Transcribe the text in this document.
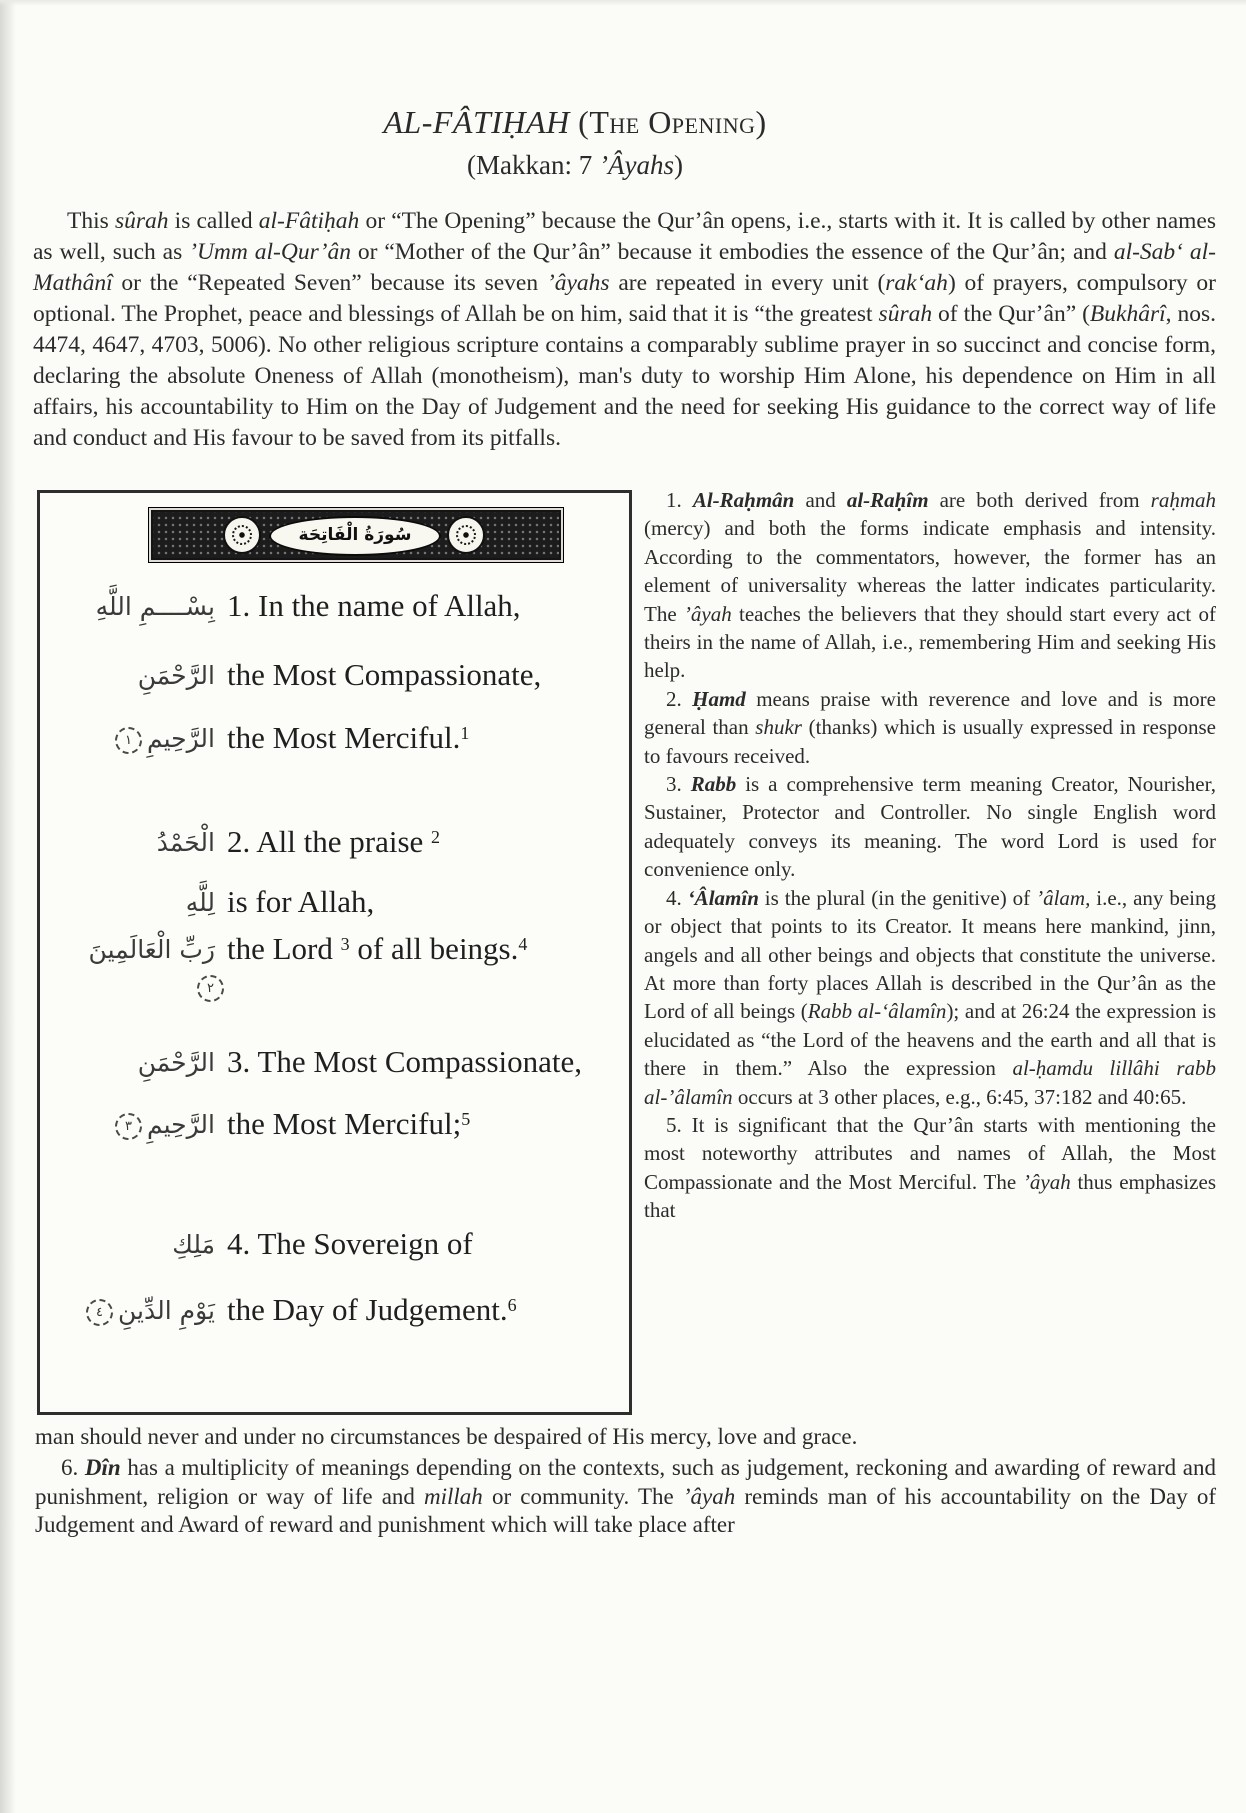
AL-FÂTIḤAH (The Opening)
(Makkan: 7 ’Âyahs)
This sûrah is called al-Fâtiḥah or “The Opening” because the Qur’ân opens, i.e., starts with it. It is called by other names as well, such as ’Umm al-Qur’ân or “Mother of the Qur’ân” because it embodies the essence of the Qur’ân; and al-Sab‘ al-Mathânî or the “Repeated Seven” because its seven ’âyahs are repeated in every unit (rak‘ah) of prayers, compulsory or optional. The Prophet, peace and blessings of Allah be on him, said that it is “the greatest sûrah of the Qur’ân” (Bukhârî, nos. 4474, 4647, 4703, 5006). No other religious scripture contains a comparably sublime prayer in so succinct and concise form, declaring the absolute Oneness of Allah (monotheism), man's duty to worship Him Alone, his dependence on Him in all affairs, his accountability to Him on the Day of Judgement and the need for seeking His guidance to the correct way of life and conduct and His favour to be saved from its pitfalls.
سُورَةُ الْفَاتِحَة
بِسْــــمِ اللَّهِ 1. In the name of Allah,
الرَّحْمَنِ the Most Compassionate,
الرَّحِيمِ١	the Most Merciful.$^1$
الْحَمْدُ 2. All the praise $^2$
لِلَّهِ is for Allah,
رَبِّ الْعَالَمِينَ the Lord $^3$ of all beings.$^4$
٢
الرَّحْمَنِ 3. The Most Compassionate,
الرَّحِيمِ٣	the Most Merciful;$^5$
مَلِكِ 4. The Sovereign of
يَوْمِ الدِّينِ٤	the Day of Judgement.$^6$

1. Al-Raḥmân and al-Raḥîm are both derived from raḥmah (mercy) and both the forms indicate emphasis and intensity. According to the commentators, however, the former has an element of universality whereas the latter indicates particularity. The ’âyah teaches the believers that they should start every act of theirs in the name of Allah, i.e., remembering Him and seeking His help.

2. Ḥamd means praise with reverence and love and is more general than shukr (thanks) which is usually expressed in response to favours received.

3. Rabb is a comprehensive term meaning Creator, Nourisher, Sustainer, Protector and Controller. No single English word adequately conveys its meaning. The word Lord is used for convenience only.

4. ‘Âlamîn is the plural (in the genitive) of ’âlam, i.e., any being or object that points to its Creator. It means here mankind, jinn, angels and all other beings and objects that constitute the universe. At more than forty places Allah is described in the Qur’ân as the Lord of all beings (Rabb al-‘âlamîn); and at 26:24 the expression is elucidated as “the Lord of the heavens and the earth and all that is there in them.” Also the expression al-ḥamdu lillâhi rabb al-’âlamîn occurs at 3 other places, e.g., 6:45, 37:182 and 40:65.

5. It is significant that the Qur’ân starts with mentioning the most noteworthy attributes and names of Allah, the Most Compassionate and the Most Merciful. The ’âyah thus emphasizes that

man should never and under no circumstances be despaired of His mercy, love and grace.
6. Dîn has a multiplicity of meanings depending on the contexts, such as judgement, reckoning and awarding of reward and punishment, religion or way of life and millah or community. The ’âyah reminds man of his accountability on the Day of Judgement and Award of reward and punishment which will take place after
